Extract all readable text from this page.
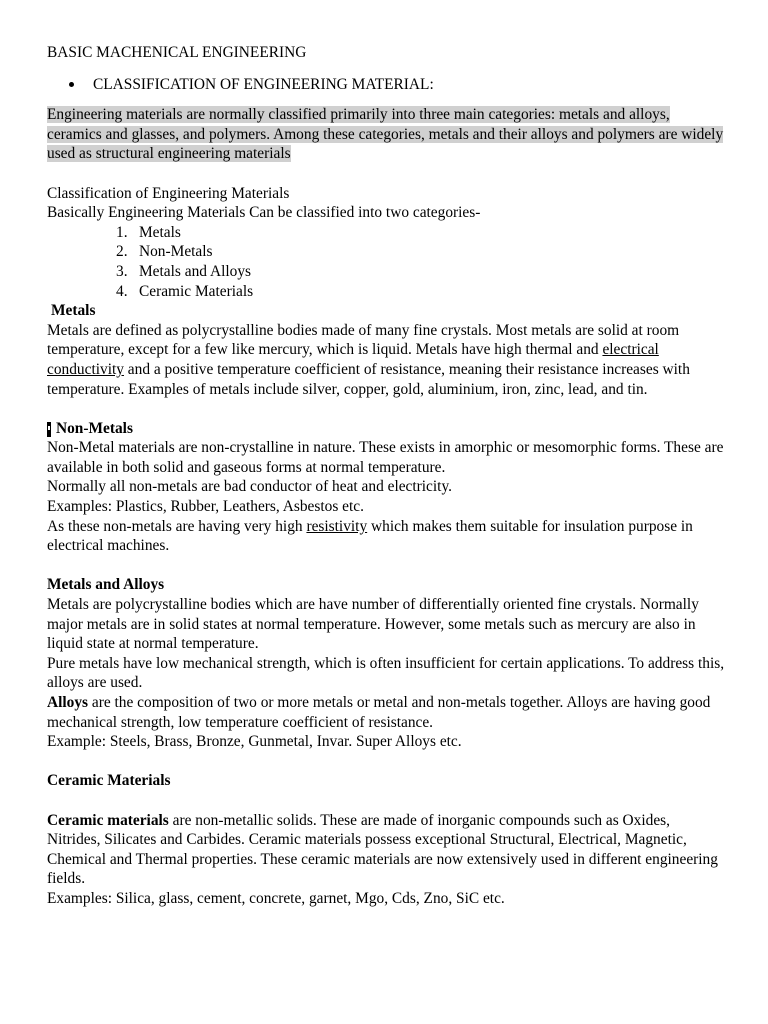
BASIC MACHENICAL ENGINEERING

CLASSIFICATION OF ENGINEERING MATERIAL:
Engineering materials are normally classified primarily into three main categories: metals and alloys, ceramics and glasses, and polymers. Among these categories, metals and their alloys and polymers are widely used as structural engineering materials

Classification of Engineering Materials

Basically Engineering Materials Can be classified into two categories-

1. Metals
2. Non-Metals
3. Metals and Alloys
4. Ceramic Materials

Metals

Metals are defined as polycrystalline bodies made of many fine crystals. Most metals are solid at room temperature, except for a few like mercury, which is liquid. Metals have high thermal and electrical conductivity and a positive temperature coefficient of resistance, meaning their resistance increases with temperature. Examples of metals include silver, copper, gold, aluminium, iron, zinc, lead, and tin.

Non-Metals

Non-Metal materials are non-crystalline in nature. These exists in amorphic or mesomorphic forms. These are available in both solid and gaseous forms at normal temperature.

Normally all non-metals are bad conductor of heat and electricity.

Examples: Plastics, Rubber, Leathers, Asbestos etc.

As these non-metals are having very high resistivity which makes them suitable for insulation purpose in electrical machines.

Metals and Alloys

Metals are polycrystalline bodies which are have number of differentially oriented fine crystals. Normally major metals are in solid states at normal temperature. However, some metals such as mercury are also in liquid state at normal temperature.

Pure metals have low mechanical strength, which is often insufficient for certain applications. To address this, alloys are used.

Alloys are the composition of two or more metals or metal and non-metals together. Alloys are having good mechanical strength, low temperature coefficient of resistance.

Example: Steels, Brass, Bronze, Gunmetal, Invar. Super Alloys etc.

Ceramic Materials

Ceramic materials are non-metallic solids. These are made of inorganic compounds such as Oxides, Nitrides, Silicates and Carbides. Ceramic materials possess exceptional Structural, Electrical, Magnetic, Chemical and Thermal properties. These ceramic materials are now extensively used in different engineering fields.

Examples: Silica, glass, cement, concrete, garnet, Mgo, Cds, Zno, SiC etc.
